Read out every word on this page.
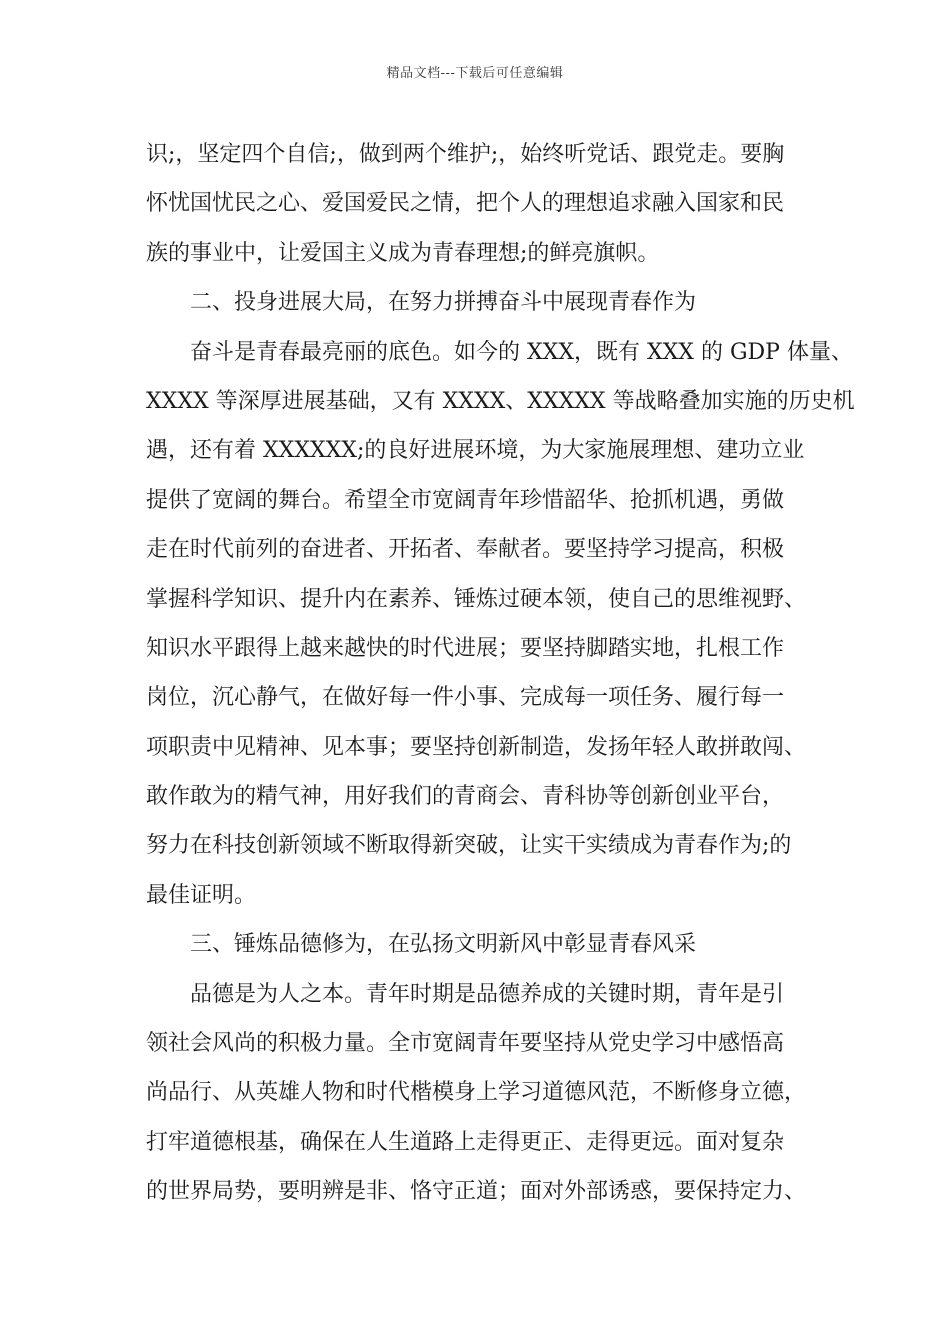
精品文档---下载后可任意编辑
识;，坚定四个自信;，做到两个维护;，始终听党话、跟党走。要胸
怀忧国忧民之心、爱国爱民之情，把个人的理想追求融入国家和民
族的事业中，让爱国主义成为青春理想;的鲜亮旗帜。
二、投身进展大局，在努力拼搏奋斗中展现青春作为
奋斗是青春最亮丽的底色。如今的 XXX，既有 XXX 的 GDP 体量、
XXXX 等深厚进展基础，又有 XXXX、XXXXX 等战略叠加实施的历史机
遇，还有着 XXXXXX;的良好进展环境，为大家施展理想、建功立业
提供了宽阔的舞台。希望全市宽阔青年珍惜韶华、抢抓机遇，勇做
走在时代前列的奋进者、开拓者、奉献者。要坚持学习提高，积极
掌握科学知识、提升内在素养、锤炼过硬本领，使自己的思维视野、
知识水平跟得上越来越快的时代进展；要坚持脚踏实地，扎根工作
岗位，沉心静气，在做好每一件小事、完成每一项任务、履行每一
项职责中见精神、见本事；要坚持创新制造，发扬年轻人敢拼敢闯、
敢作敢为的精气神，用好我们的青商会、青科协等创新创业平台，
努力在科技创新领域不断取得新突破，让实干实绩成为青春作为;的
最佳证明。
三、锤炼品德修为，在弘扬文明新风中彰显青春风采
品德是为人之本。青年时期是品德养成的关键时期，青年是引
领社会风尚的积极力量。全市宽阔青年要坚持从党史学习中感悟高
尚品行、从英雄人物和时代楷模身上学习道德风范，不断修身立德，
打牢道德根基，确保在人生道路上走得更正、走得更远。面对复杂
的世界局势，要明辨是非、恪守正道；面对外部诱惑，要保持定力、
